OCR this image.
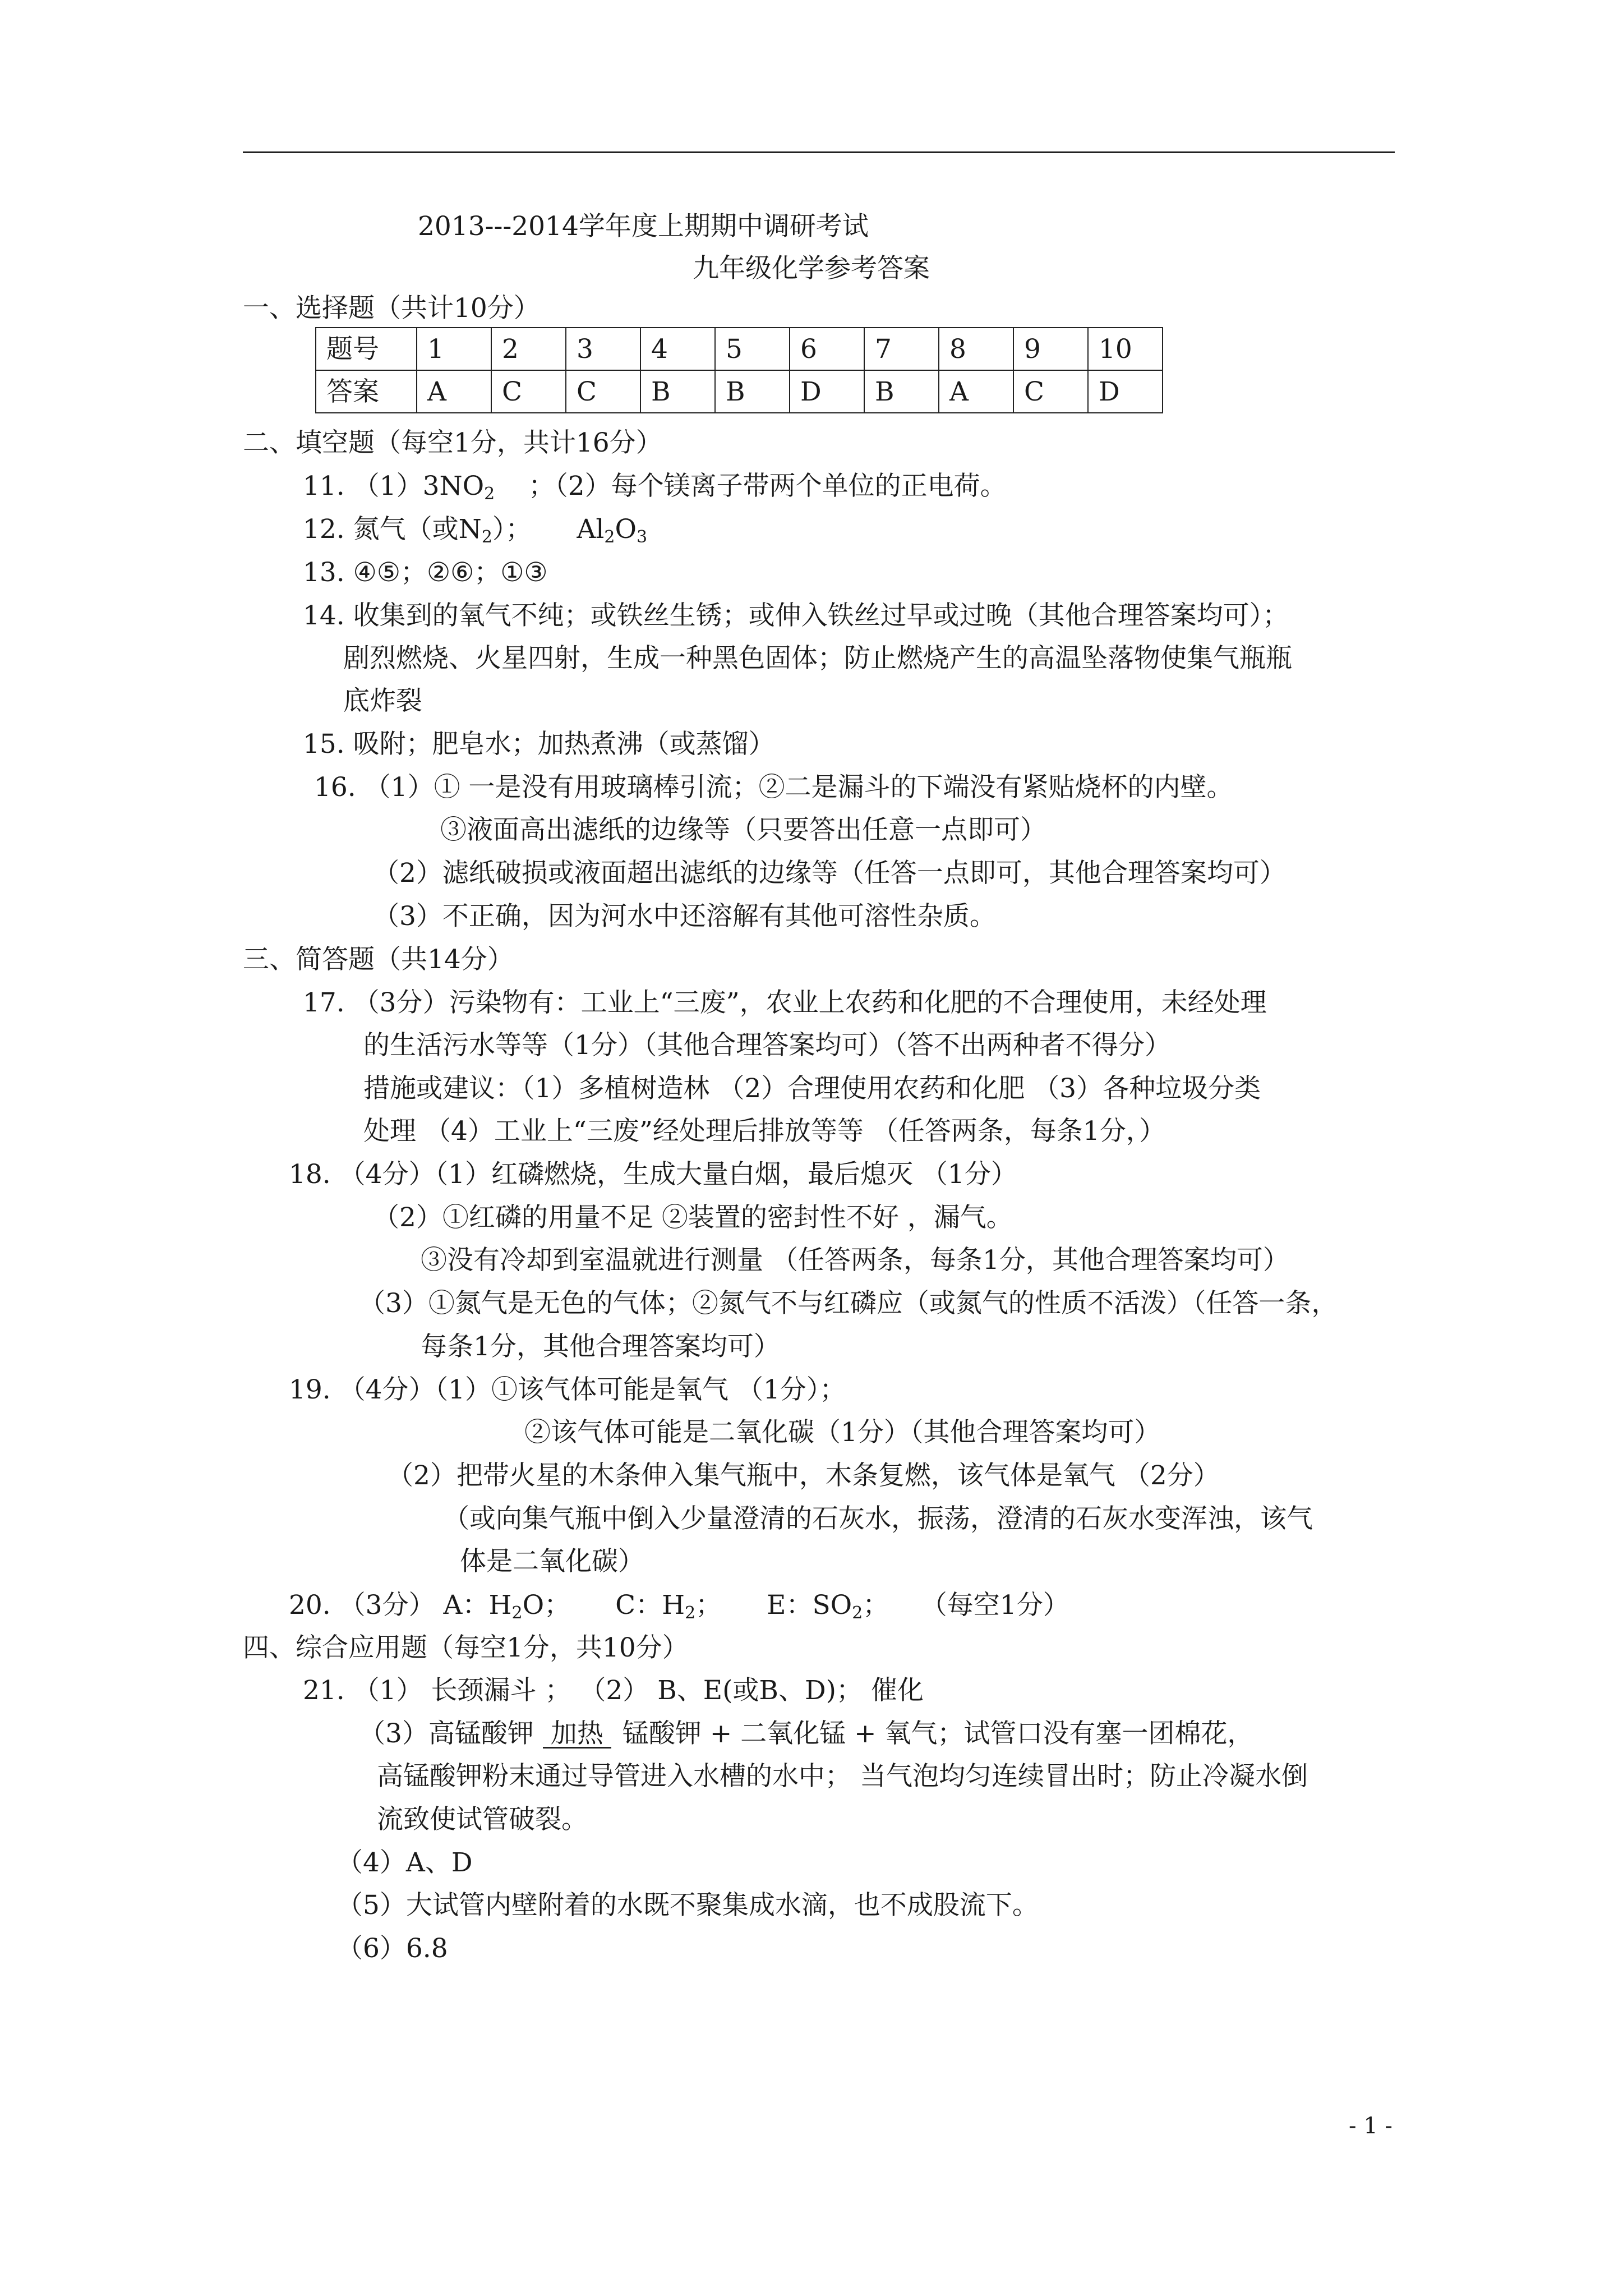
2013---2014学年度上期期中调研考试
九年级化学参考答案
一、选择题（共计10分）
题号	1	2	3	4	5	6	7	8	9	10
答案	A	C	C	B	B	D	B	A	C	D
二、填空题（每空1分，共计16分）
11. $(1)3NO_2$ ；（2）每个镁离子带两个单位的正电荷。
12. 氮气（或$N_2$）； $Al_2O_3$
13. ④⑤；②⑥；①③
14. 收集到的氧气不纯；或铁丝生锈；或伸入铁丝过早或过晚（其他合理答案均可）；
剧烈燃烧、火星四射，生成一种黑色固体；防止燃烧产生的高温坠落物使集气瓶瓶
底炸裂
15. 吸附；肥皂水；加热煮沸（或蒸馏）
16. （1）① 一是没有用玻璃棒引流；②二是漏斗的下端没有紧贴烧杯的内壁。
③液面高出滤纸的边缘等（只要答出任意一点即可）
（2）滤纸破损或液面超出滤纸的边缘等（任答一点即可，其他合理答案均可）
（3）不正确，因为河水中还溶解有其他可溶性杂质。
三、简答题（共14分）
17. （3分）污染物有：工业上“三废”，农业上农药和化肥的不合理使用，未经处理
的生活污水等等（1分）（其他合理答案均可）（答不出两种者不得分）
措施或建议：（1）多植树造林 （2）合理使用农药和化肥 （3）各种垃圾分类
处理 （4）工业上“三废”经处理后排放等等 （任答两条，每条1分，）
18. （4分）（1）红磷燃烧，生成大量白烟，最后熄灭 （1分）
（2）①红磷的用量不足 ②装置的密封性不好 ，漏气。
③没有冷却到室温就进行测量 （任答两条，每条1分，其他合理答案均可）
（3）①氮气是无色的气体；②氮气不与红磷应（或氮气的性质不活泼）（任答一条，
每条1分，其他合理答案均可）
19. （4分）（1）①该气体可能是氧气 （1分）；
②该气体可能是二氧化碳（1分）（其他合理答案均可）
（2）把带火星的木条伸入集气瓶中，木条复燃，该气体是氧气 （2分）
（或向集气瓶中倒入少量澄清的石灰水，振荡，澄清的石灰水变浑浊，该气
体是二氧化碳）
20. （3分） A：$H_2O$； C：$H_2$； E：$SO_2$； （每空1分）
四、综合应用题（每空1分，共10分）
21. （1） 长颈漏斗 ； （2） B、E(或B、D)； 催化
（3）高锰酸钾 加热 锰酸钾 + 二氧化锰 + 氧气；试管口没有塞一团棉花，
高锰酸钾粉末通过导管进入水槽的水中； 当气泡均匀连续冒出时；防止冷凝水倒
流致使试管破裂。
（4）A、D
（5）大试管内壁附着的水既不聚集成水滴，也不成股流下。
（6）6.8
- 1 -
